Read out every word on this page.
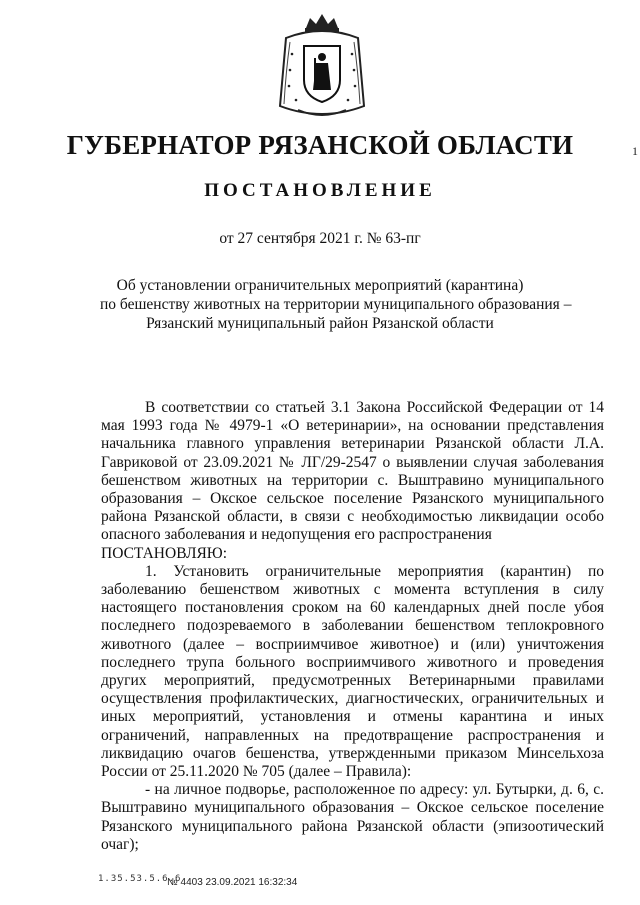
1
ГУБЕРНАТОР РЯЗАНСКОЙ ОБЛАСТИ
ПОСТАНОВЛЕНИЕ
от 27 сентября 2021 г. № 63-пг
Об установлении ограничительных мероприятий (карантина)
по бешенству животных на территории муниципального образования –
Рязанский муниципальный район Рязанской области

В соответствии со статьей 3.1 Закона Российской Федерации от 14 мая 1993 года № 4979-1 «О ветеринарии», на основании представления начальника главного управления ветеринарии Рязанской области Л.А. Гавриковой от 23.09.2021 № ЛГ/29-2547 о выявлении случая заболевания бешенством животных на территории с. Выштравино муниципального образования – Окское сельское поселение Рязанского муниципального района Рязанской области, в связи с необходимостью ликвидации особо опасного заболевания и недопущения его распространения

ПОСТАНОВЛЯЮ:

1. Установить ограничительные мероприятия (карантин) по заболеванию бешенством животных с момента вступления в силу настоящего постановления сроком на 60 календарных дней после убоя последнего подозреваемого в заболевании бешенством теплокровного животного (далее – восприимчивое животное) и (или) уничтожения последнего трупа больного восприимчивого животного и проведения других мероприятий, предусмотренных Ветеринарными правилами осуществления профилактических, диагностических, ограничительных и иных мероприятий, установления и отмены карантина и иных ограничений, направленных на предотвращение распространения и ликвидацию очагов бешенства, утвержденными приказом Минсельхоза России от 25.11.2020 № 705 (далее – Правила):

- на личное подворье, расположенное по адресу: ул. Бутырки, д. 6, с. Выштравино муниципального образования – Окское сельское поселение Рязанского муниципального района Рязанской области (эпизоотический очаг);

1.35.53.5.6.6
№ 4403 23.09.2021 16:32:34
